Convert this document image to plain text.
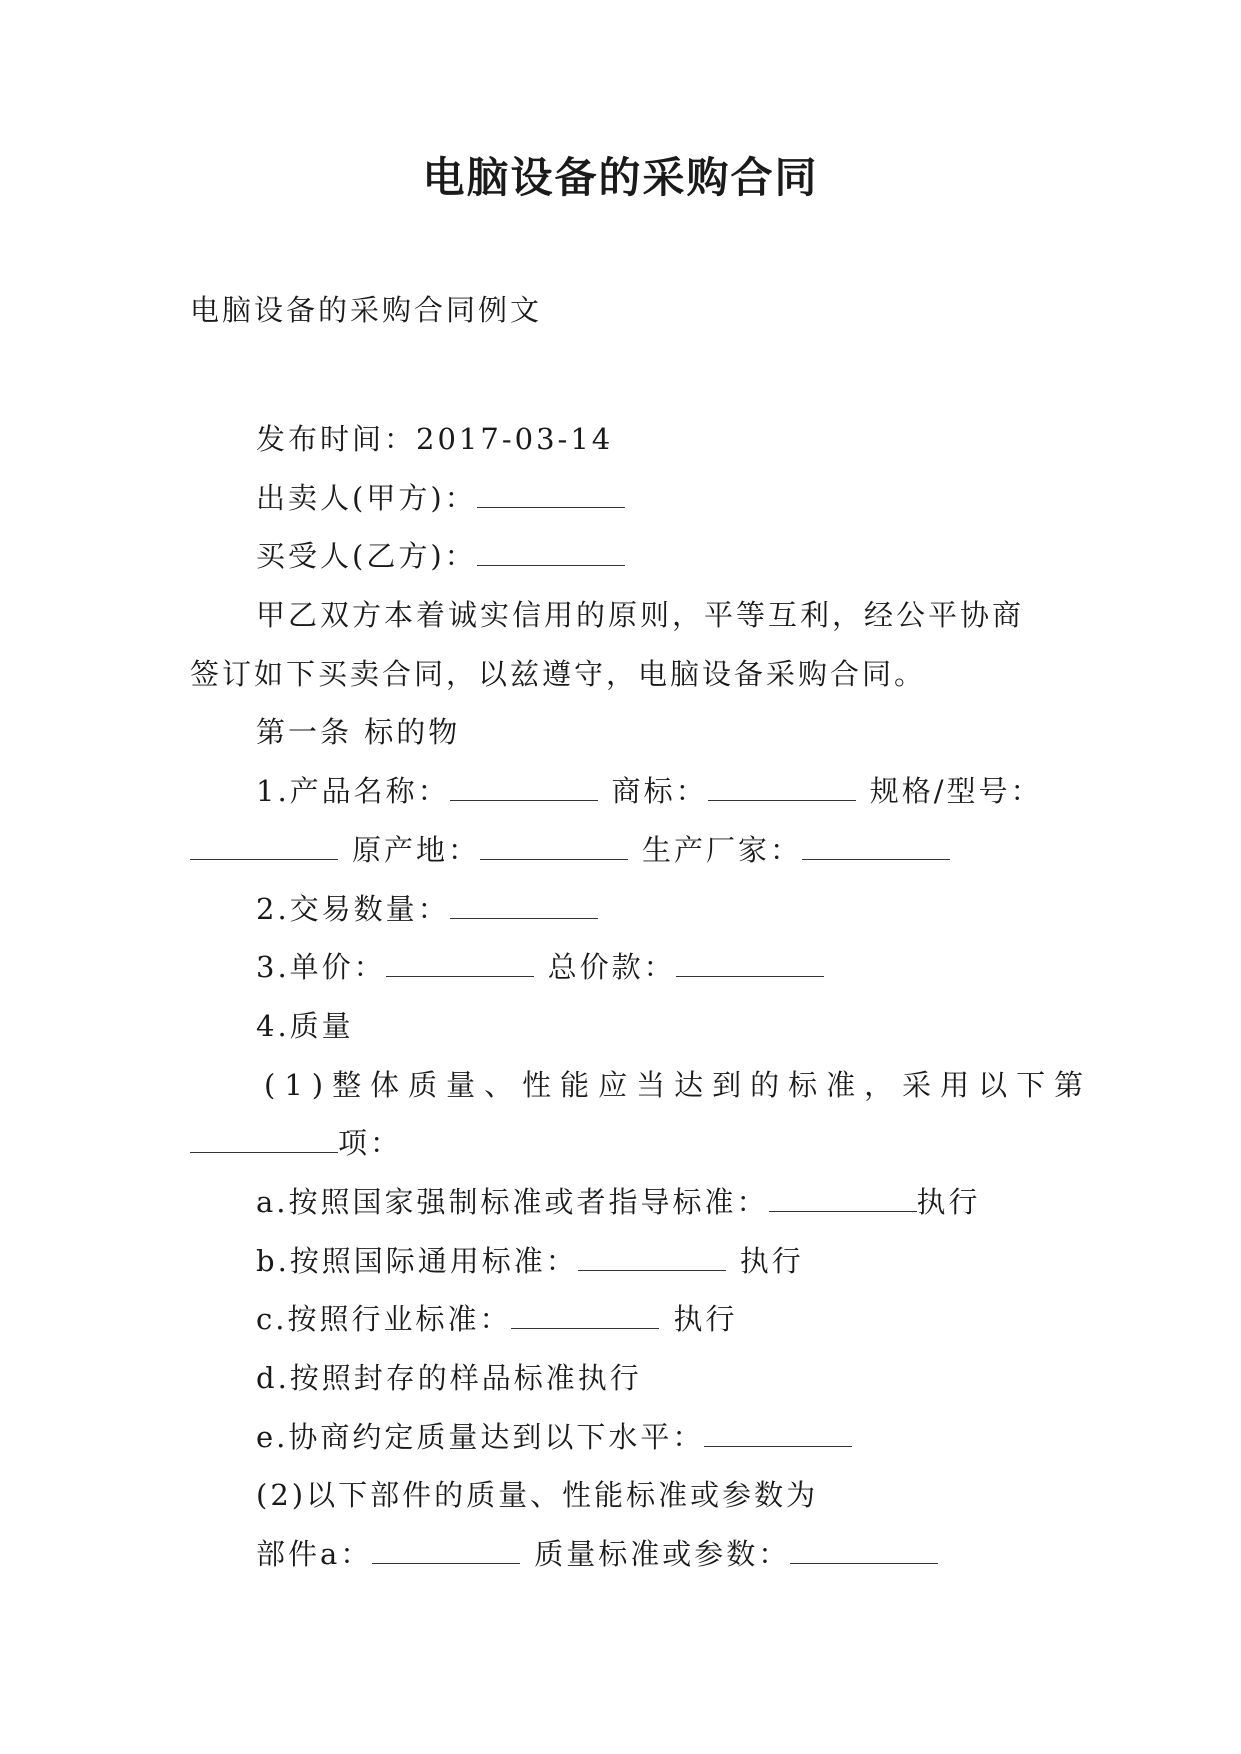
电脑设备的采购合同
电脑设备的采购合同例文
发布时间：2017-03-14
出卖人(甲方)：
买受人(乙方)：
甲乙双方本着诚实信用的原则，平等互利，经公平协商
签订如下买卖合同，以兹遵守，电脑设备采购合同。
第一条 标的物
1.产品名称：	商标：	规格/型号：
原产地：	生产厂家：
2.交易数量：
3.单价：	总价款：
4.质量
(1)整体质量、性能应当达到的标准，采用以下第
项：
a.按照国家强制标准或者指导标准：	执行
b.按照国际通用标准：	执行
c.按照行业标准：	执行
d.按照封存的样品标准执行
e.协商约定质量达到以下水平：
(2)以下部件的质量、性能标准或参数为
部件a：	质量标准或参数：
